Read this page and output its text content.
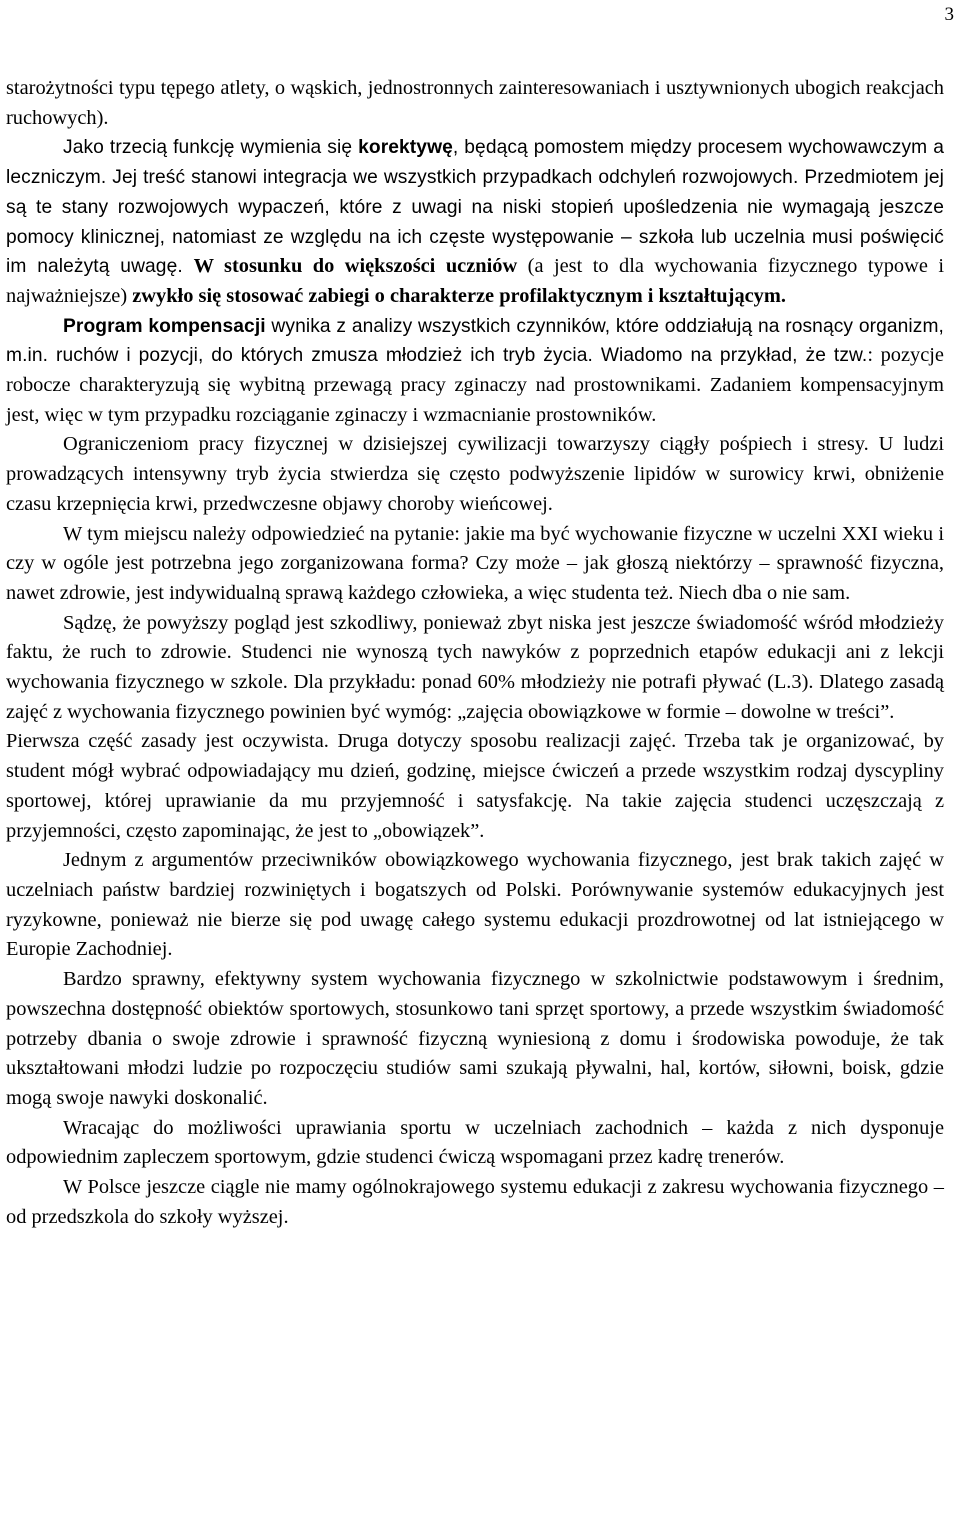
3

starożytności typu tępego atlety, o wąskich, jednostronnych zainteresowaniach i usztywnionych ubogich reakcjach ruchowych).

Jako trzecią funkcję wymienia się korektywę, będącą pomostem między procesem wychowawczym a leczniczym. Jej treść stanowi integracja we wszystkich przypadkach odchyleń rozwojowych. Przedmiotem jej są te stany rozwojowych wypaczeń, które z uwagi na niski stopień upośledzenia nie wymagają jeszcze pomocy klinicznej, natomiast ze względu na ich częste występowanie – szkoła lub uczelnia musi poświęcić im należytą uwagę. W stosunku do większości uczniów (a jest to dla wychowania fizycznego typowe i najważniejsze) zwykło się stosować zabiegi o charakterze profilaktycznym i kształtującym.

Program kompensacji wynika z analizy wszystkich czynników, które oddziałują na rosnący organizm, m.in. ruchów i pozycji, do których zmusza młodzież ich tryb życia. Wiadomo na przykład, że tzw.: pozycje robocze charakteryzują się wybitną przewagą pracy zginaczy nad prostownikami. Zadaniem kompensacyjnym jest, więc w tym przypadku rozciąganie zginaczy i wzmacnianie prostowników.

Ograniczeniom pracy fizycznej w dzisiejszej cywilizacji towarzyszy ciągły pośpiech i stresy. U ludzi prowadzących intensywny tryb życia stwierdza się często podwyższenie lipidów w surowicy krwi, obniżenie czasu krzepnięcia krwi, przedwczesne objawy choroby wieńcowej.

W tym miejscu należy odpowiedzieć na pytanie: jakie ma być wychowanie fizyczne w uczelni XXI wieku i czy w ogóle jest potrzebna jego zorganizowana forma? Czy może – jak głoszą niektórzy – sprawność fizyczna, nawet zdrowie, jest indywidualną sprawą każdego człowieka, a więc studenta też. Niech dba o nie sam.

Sądzę, że powyższy pogląd jest szkodliwy, ponieważ zbyt niska jest jeszcze świadomość wśród młodzieży faktu, że ruch to zdrowie. Studenci nie wynoszą tych nawyków z poprzednich etapów edukacji ani z lekcji wychowania fizycznego w szkole. Dla przykładu: ponad 60% młodzieży nie potrafi pływać (L.3). Dlatego zasadą zajęć z wychowania fizycznego powinien być wymóg: „zajęcia obowiązkowe w formie – dowolne w treści”.

Pierwsza część zasady jest oczywista. Druga dotyczy sposobu realizacji zajęć. Trzeba tak je organizować, by student mógł wybrać odpowiadający mu dzień, godzinę, miejsce ćwiczeń a przede wszystkim rodzaj dyscypliny sportowej, której uprawianie da mu przyjemność i satysfakcję. Na takie zajęcia studenci uczęszczają z przyjemności, często zapominając, że jest to „obowiązek”.

Jednym z argumentów przeciwników obowiązkowego wychowania fizycznego, jest brak takich zajęć w uczelniach państw bardziej rozwiniętych i bogatszych od Polski. Porównywanie systemów edukacyjnych jest ryzykowne, ponieważ nie bierze się pod uwagę całego systemu edukacji prozdrowotnej od lat istniejącego w Europie Zachodniej.

Bardzo sprawny, efektywny system wychowania fizycznego w szkolnictwie podstawowym i średnim, powszechna dostępność obiektów sportowych, stosunkowo tani sprzęt sportowy, a przede wszystkim świadomość potrzeby dbania o swoje zdrowie i sprawność fizyczną wyniesioną z domu i środowiska powoduje, że tak ukształtowani młodzi ludzie po rozpoczęciu studiów sami szukają pływalni, hal, kortów, siłowni, boisk, gdzie mogą swoje nawyki doskonalić.

Wracając do możliwości uprawiania sportu w uczelniach zachodnich – każda z nich dysponuje odpowiednim zapleczem sportowym, gdzie studenci ćwiczą wspomagani przez kadrę trenerów.

W Polsce jeszcze ciągle nie mamy ogólnokrajowego systemu edukacji z zakresu wychowania fizycznego – od przedszkola do szkoły wyższej.
